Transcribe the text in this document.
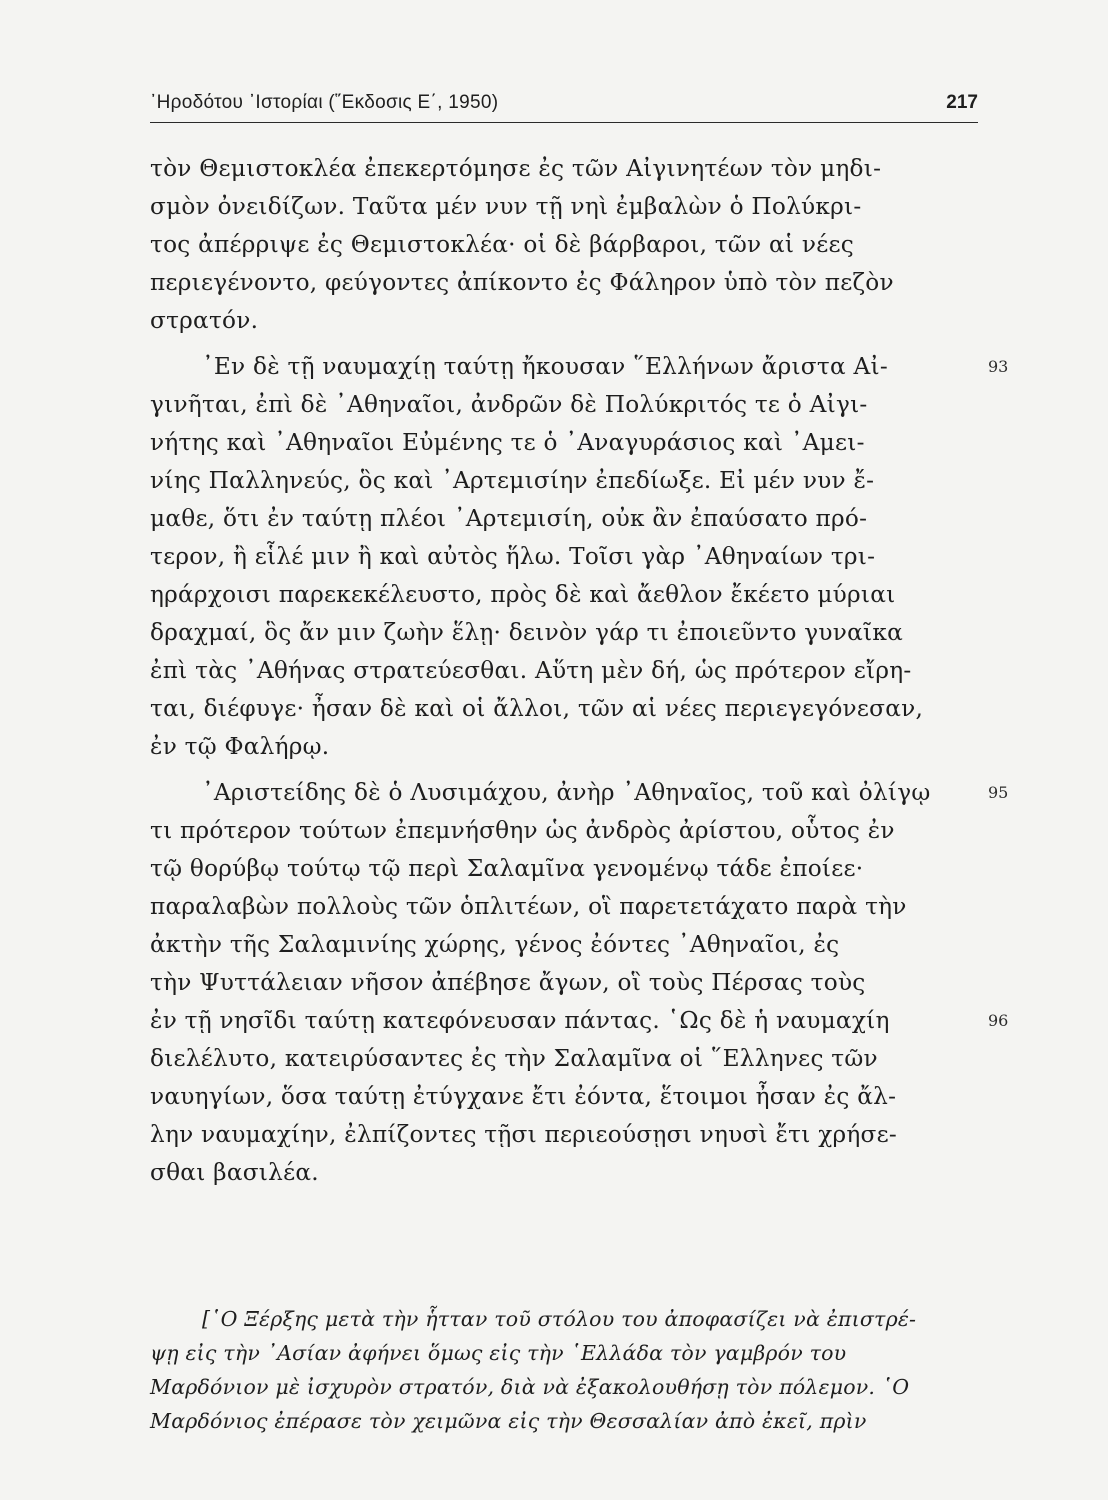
᾿Ηροδότου ᾿Ιστορίαι (῞Εκδοσις Ε΄, 1950)	217
τὸν Θεμιστοκλέα ἐπεκερτόμησε ἐς τῶν Αἰγινητέων τὸν μηδι-
σμὸν ὀνειδίζων. Ταῦτα μέν νυν τῇ νηὶ ἐμβαλὼν ὁ Πολύκρι-
τος ἀπέρριψε ἐς Θεμιστοκλέα· οἱ δὲ βάρβαροι, τῶν αἱ νέες
περιεγένοντο, φεύγοντες ἀπίκοντο ἐς Φάληρον ὑπὸ τὸν πεζὸν
στρατόν.
᾿Εν δὲ τῇ ναυμαχίῃ ταύτῃ ἤκουσαν ῞Ελλήνων ἄριστα Αἰ-	93
γινῆται, ἐπὶ δὲ ᾿Αθηναῖοι, ἀνδρῶν δὲ Πολύκριτός τε ὁ Αἰγι-
νήτης καὶ ᾿Αθηναῖοι Εὐμένης τε ὁ ᾿Αναγυράσιος καὶ ᾿Αμει-
νίης Παλληνεύς, ὃς καὶ ᾿Αρτεμισίην ἐπεδίωξε. Εἰ μέν νυν ἔ-
μαθε, ὅτι ἐν ταύτῃ πλέοι ᾿Αρτεμισίη, οὐκ ἂν ἐπαύσατο πρό-
τερον, ἢ εἷλέ μιν ἢ καὶ αὐτὸς ἥλω. Τοῖσι γὰρ ᾿Αθηναίων τρι-
ηράρχοισι παρεκεκέλευστο, πρὸς δὲ καὶ ἄεθλον ἔκέετο μύριαι
δραχμαί, ὃς ἄν μιν ζωὴν ἕλῃ· δεινὸν γάρ τι ἐποιεῦντο γυναῖκα
ἐπὶ τὰς ᾿Αθήνας στρατεύεσθαι. Αὕτη μὲν δή, ὡς πρότερον εἴρη-
ται, διέφυγε· ἦσαν δὲ καὶ οἱ ἄλλοι, τῶν αἱ νέες περιεγεγόνεσαν,
ἐν τῷ Φαλήρῳ.
᾿Αριστείδης δὲ ὁ Λυσιμάχου, ἀνὴρ ᾿Αθηναῖος, τοῦ καὶ ὀλίγῳ	95
τι πρότερον τούτων ἐπεμνήσθην ὡς ἀνδρὸς ἀρίστου, οὗτος ἐν
τῷ θορύβῳ τούτῳ τῷ περὶ Σαλαμῖνα γενομένῳ τάδε ἐποίεε·
παραλαβὼν πολλοὺς τῶν ὁπλιτέων, οἳ παρετετάχατο παρὰ τὴν
ἀκτὴν τῆς Σαλαμινίης χώρης, γένος ἐόντες ᾿Αθηναῖοι, ἐς
τὴν Ψυττάλειαν νῆσον ἀπέβησε ἄγων, οἳ τοὺς Πέρσας τοὺς
ἐν τῇ νησῖδι ταύτῃ κατεφόνευσαν πάντας. ῾Ως δὲ ἡ ναυμαχίη	96
διελέλυτο, κατειρύσαντες ἐς τὴν Σαλαμῖνα οἱ ῞Ελληνες τῶν
ναυηγίων, ὅσα ταύτῃ ἐτύγχανε ἔτι ἐόντα, ἕτοιμοι ἦσαν ἐς ἄλ-
λην ναυμαχίην, ἐλπίζοντες τῇσι περιεούσῃσι νηυσὶ ἔτι χρήσε-
σθαι βασιλέα.
[῾Ο Ξέρξης μετὰ τὴν ἧτταν τοῦ στόλου του ἀποφασίζει νὰ ἐπιστρέ-
ψῃ εἰς τὴν ᾿Ασίαν ἀφήνει ὅμως εἰς τὴν ῾Ελλάδα τὸν γαμβρόν του
Μαρδόνιον μὲ ἰσχυρὸν στρατόν, διὰ νὰ ἐξακολουθήσῃ τὸν πόλεμον. ῾Ο
Μαρδόνιος ἐπέρασε τὸν χειμῶνα εἰς τὴν Θεσσαλίαν ἀπὸ ἐκεῖ, πρὶν
